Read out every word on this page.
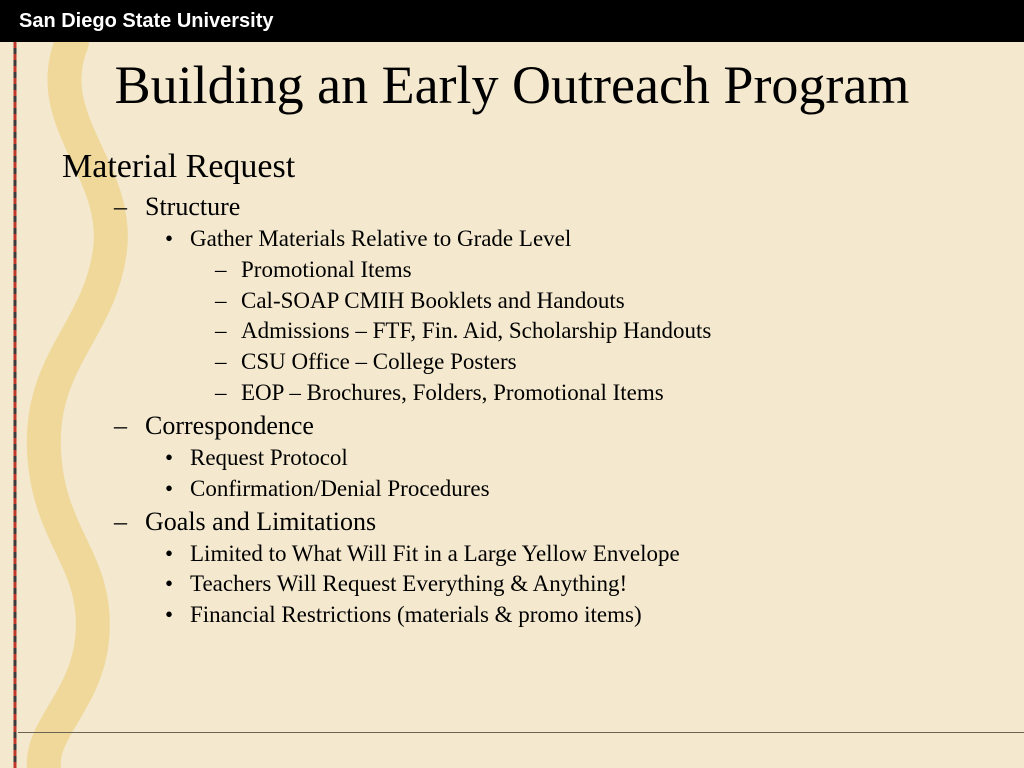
San Diego State University
Building an Early Outreach Program
Material Request
– Structure
• Gather Materials Relative to Grade Level
– Promotional Items
– Cal-SOAP CMIH Booklets and Handouts
– Admissions – FTF, Fin. Aid, Scholarship Handouts
– CSU Office – College Posters
– EOP – Brochures, Folders, Promotional Items
– Correspondence
• Request Protocol
• Confirmation/Denial Procedures
– Goals and Limitations
• Limited to What Will Fit in a Large Yellow Envelope
• Teachers Will Request Everything & Anything!
• Financial Restrictions (materials & promo items)
